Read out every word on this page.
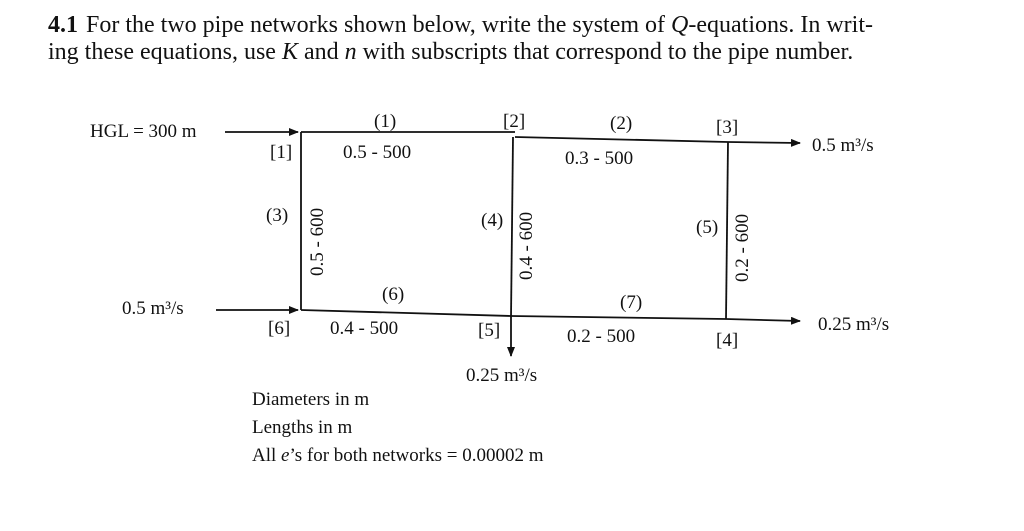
4.1 For the two pipe networks shown below, write the system of Q-equations. In writ-
ing these equations, use K and n with subscripts that correspond to the pipe number.
HGL = 300 m
0.5 m³/s
[1]
[2]	[3]
[4]
[5]
[6]
(1)
0.5 - 500
(2)
0.3 - 500
(6)
0.4 - 500
(7)
0.2 - 500
(3) 0.5 - 600	(4) 0.4 - 600	(5) 0.2 - 600
0.5 m³/s
0.25 m³/s
0.25 m³/s
Diameters in m
Lengths in m
All e’s for both networks = 0.00002 m
